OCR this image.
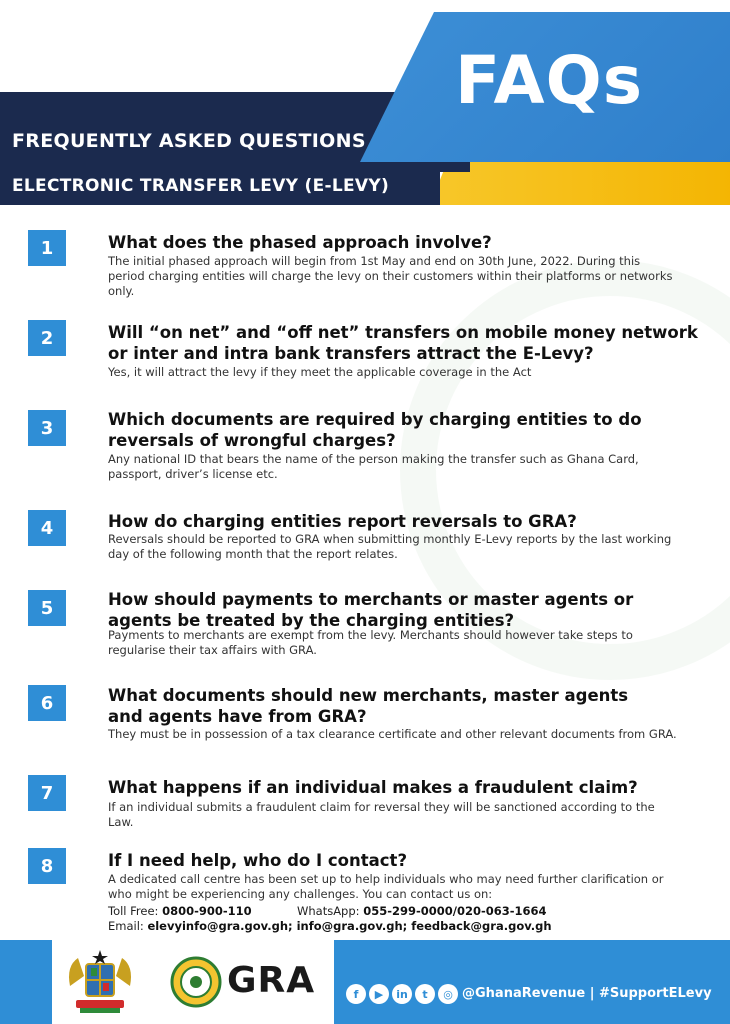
FAQs
FREQUENTLY ASKED QUESTIONS
ELECTRONIC TRANSFER LEVY (E-LEVY)
1	What does the phased approach involve?
The initial phased approach will begin from 1st May and end on 30th June, 2022. During this period charging entities will charge the levy on their customers within their platforms or networks only.
2	Will “on net” and “off net” transfers on mobile money network or inter and intra bank transfers attract the E-Levy?
Yes, it will attract the levy if they meet the applicable coverage in the Act
3	Which documents are required by charging entities to do reversals of wrongful charges?
Any national ID that bears the name of the person making the transfer such as Ghana Card, passport, driver’s license etc.
4	How do charging entities report reversals to GRA?
Reversals should be reported to GRA when submitting monthly E-Levy reports by the last working day of the following month that the report relates.
5	How should payments to merchants or master agents or agents be treated by the charging entities?
Payments to merchants are exempt from the levy. Merchants should however take steps to regularise their tax affairs with GRA.
6	What documents should new merchants, master agents and agents have from GRA?
They must be in possession of a tax clearance certificate and other relevant documents from GRA.
7	What happens if an individual makes a fraudulent claim?
If an individual submits a fraudulent claim for reversal they will be sanctioned according to the Law.
8	If I need help, who do I contact?
A dedicated call centre has been set up to help individuals who may need further clarification or who might be experiencing any challenges. You can contact us on:
Toll Free: 0800-900-110	WhatsApp: 055-299-0000/020-063-1664
Email: elevyinfo@gra.gov.gh; info@gra.gov.gh; feedback@gra.gov.gh
GRA	f	▶	in	t	◎ @GhanaRevenue | #SupportELevy
